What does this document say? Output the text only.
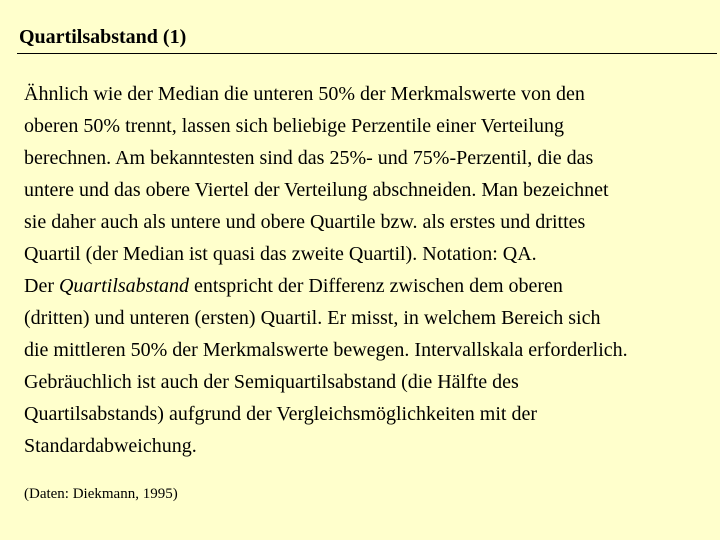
Quartilsabstand (1)
Ähnlich wie der Median die unteren 50% der Merkmalswerte von den
oberen 50% trennt, lassen sich beliebige Perzentile einer Verteilung
berechnen. Am bekanntesten sind das 25%- und 75%-Perzentil, die das
untere und das obere Viertel der Verteilung abschneiden. Man bezeichnet
sie daher auch als untere und obere Quartile bzw. als erstes und drittes
Quartil (der Median ist quasi das zweite Quartil). Notation: QA.
Der Quartilsabstand entspricht der Differenz zwischen dem oberen
(dritten) und unteren (ersten) Quartil. Er misst, in welchem Bereich sich
die mittleren 50% der Merkmalswerte bewegen. Intervallskala erforderlich.
Gebräuchlich ist auch der Semiquartilsabstand (die Hälfte des
Quartilsabstands) aufgrund der Vergleichsmöglichkeiten mit der
Standardabweichung.

(Daten: Diekmann, 1995)
